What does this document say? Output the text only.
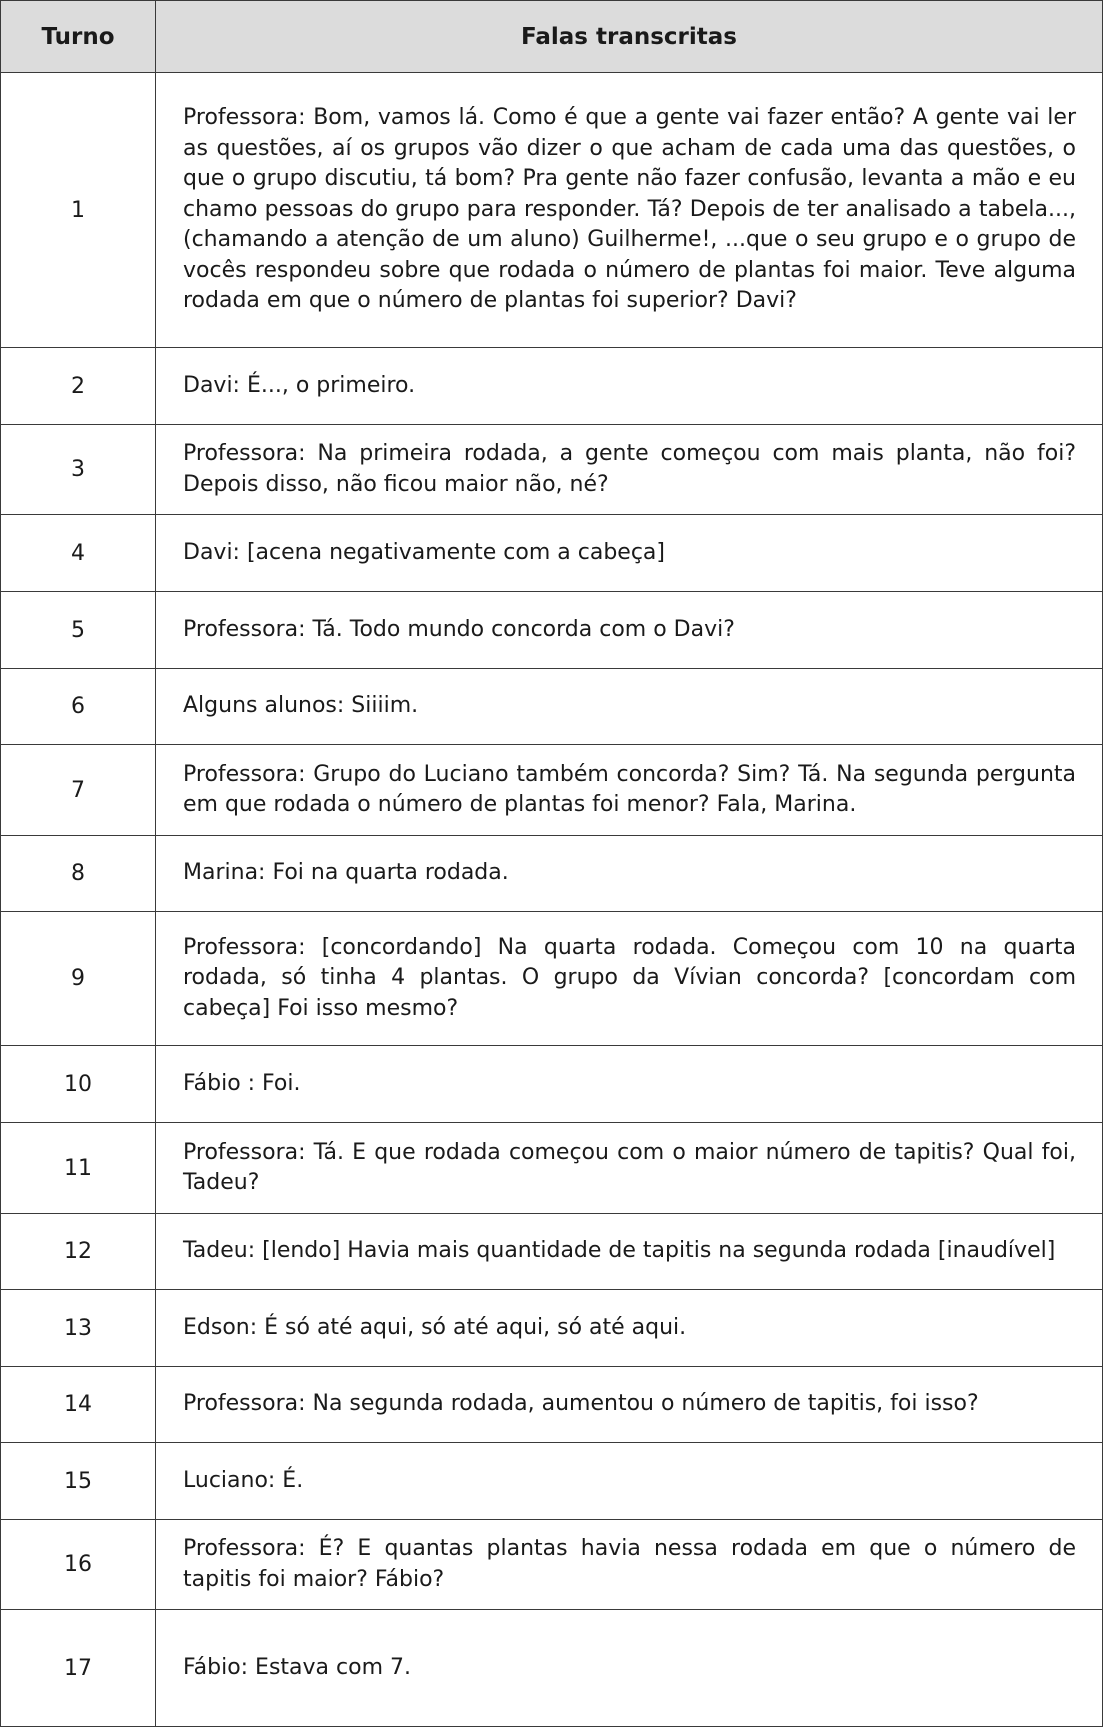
Turno	Falas transcritas
1	Professora: Bom, vamos lá. Como é que a gente vai fazer então? A gente vai ler as questões, aí os grupos vão dizer o que acham de cada uma das questões, o que o grupo discutiu, tá bom? Pra gente não fazer confusão, levanta a mão e eu chamo pessoas do grupo para responder. Tá? Depois de ter analisado a tabela..., (chamando a atenção de um aluno) Guilherme!, ...que o seu grupo e o grupo de vocês respondeu sobre que rodada o número de plantas foi maior. Teve alguma rodada em que o número de plantas foi superior? Davi?
2	Davi: É..., o primeiro.
3	Professora: Na primeira rodada, a gente começou com mais planta, não foi? Depois disso, não ficou maior não, né?
4	Davi: [acena negativamente com a cabeça]
5	Professora: Tá. Todo mundo concorda com o Davi?
6	Alguns alunos: Siiiim.
7	Professora: Grupo do Luciano também concorda? Sim? Tá. Na segunda pergunta em que rodada o número de plantas foi menor? Fala, Marina.
8	Marina: Foi na quarta rodada.
9	Professora: [concordando] Na quarta rodada. Começou com 10 na quarta rodada, só tinha 4 plantas. O grupo da Vívian concorda? [concordam com cabeça] Foi isso mesmo?
10	Fábio : Foi.
11	Professora: Tá. E que rodada começou com o maior número de tapitis? Qual foi, Tadeu?
12	Tadeu: [lendo] Havia mais quantidade de tapitis na segunda rodada [inaudível]
13	Edson: É só até aqui, só até aqui, só até aqui.
14	Professora: Na segunda rodada, aumentou o número de tapitis, foi isso?
15	Luciano: É.
16	Professora: É? E quantas plantas havia nessa rodada em que o número de tapitis foi maior? Fábio?
17	Fábio: Estava com 7.
